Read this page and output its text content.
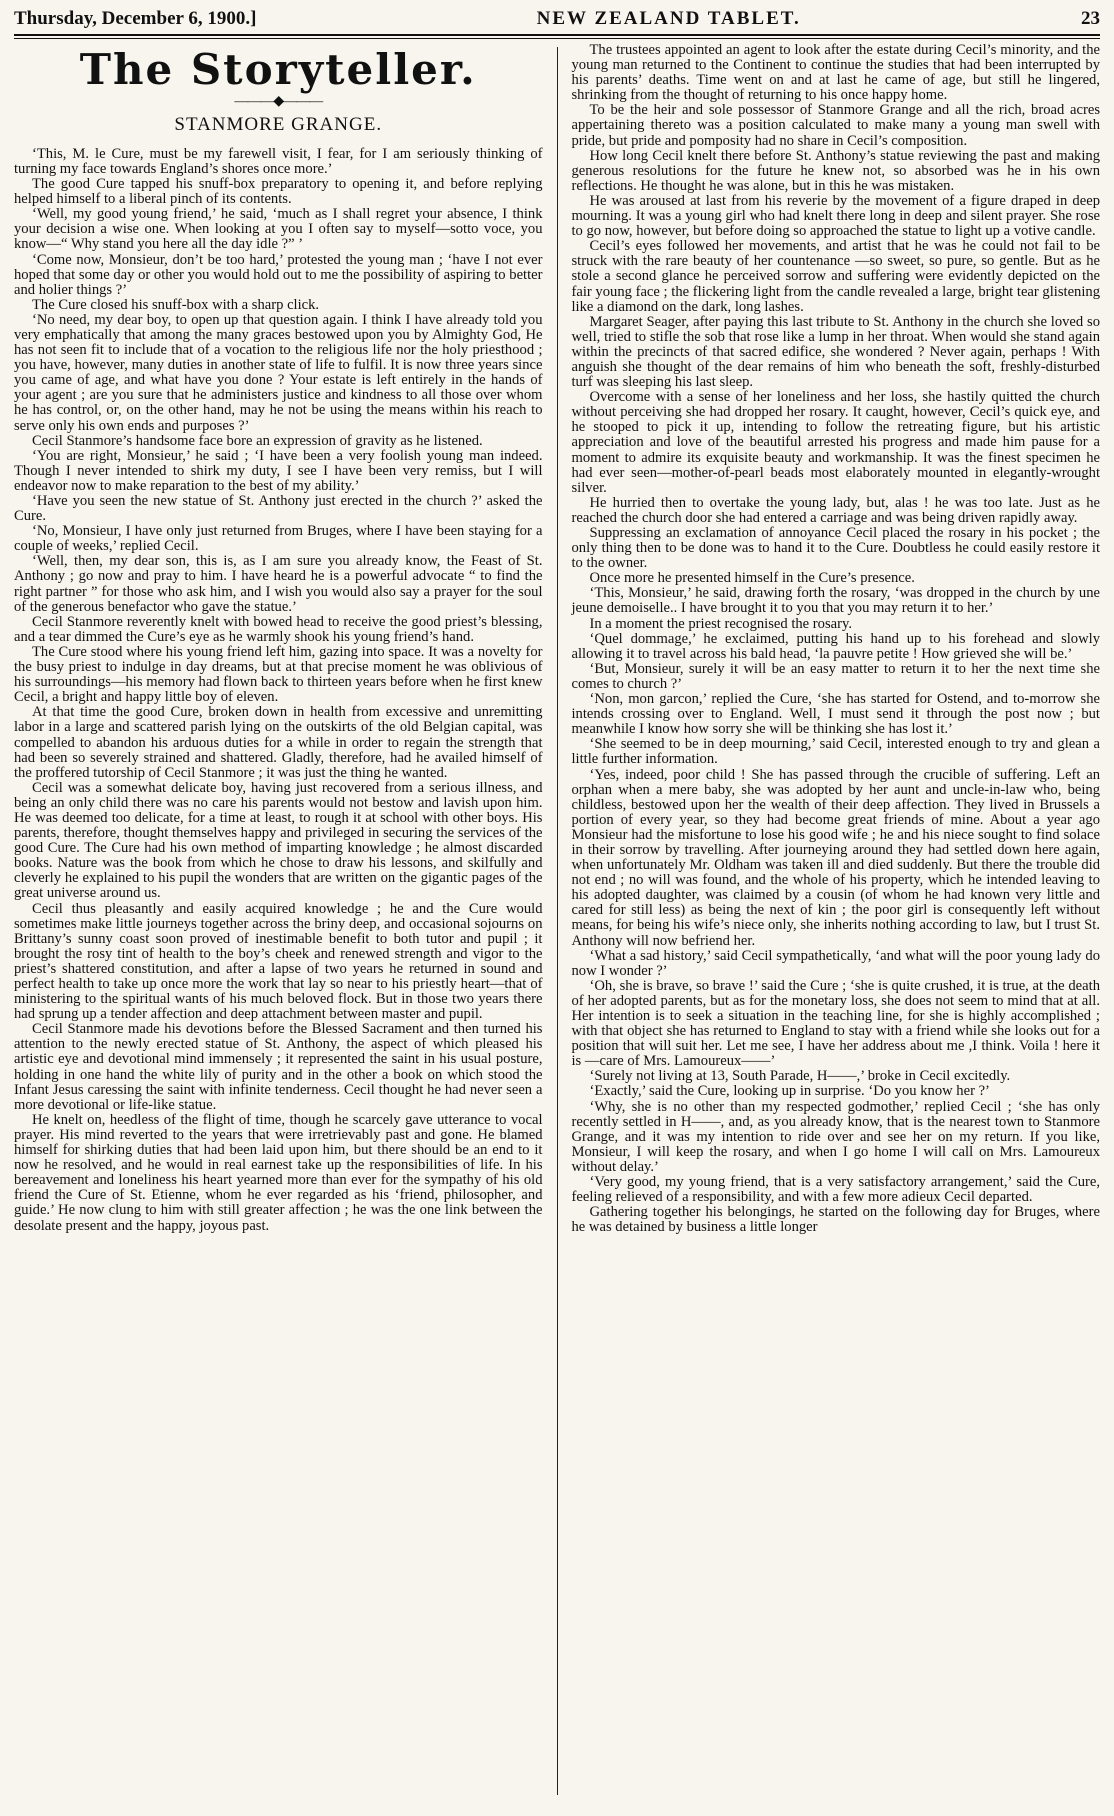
Thursday, December 6, 1900.]	NEW ZEALAND TABLET.	23
The Storyteller.
———◆———
STANMORE GRANGE.

‘This, M. le Cure, must be my farewell visit, I fear, for I am seriously thinking of turning my face towards England’s shores once more.’

The good Cure tapped his snuff-box preparatory to opening it, and before replying helped himself to a liberal pinch of its contents.

‘Well, my good young friend,’ he said, ‘much as I shall regret your absence, I think your decision a wise one. When looking at you I often say to myself—sotto voce, you know—“ Why stand you here all the day idle ?” ’

‘Come now, Monsieur, don’t be too hard,’ protested the young man ; ‘have I not ever hoped that some day or other you would hold out to me the possibility of aspiring to better and holier things ?’

The Cure closed his snuff-box with a sharp click.

‘No need, my dear boy, to open up that question again. I think I have already told you very emphatically that among the many graces bestowed upon you by Almighty God, He has not seen fit to include that of a vocation to the religious life nor the holy priesthood ; you have, however, many duties in another state of life to fulfil. It is now three years since you came of age, and what have you done ? Your estate is left entirely in the hands of your agent ; are you sure that he administers justice and kindness to all those over whom he has control, or, on the other hand, may he not be using the means within his reach to serve only his own ends and purposes ?’

Cecil Stanmore’s handsome face bore an expression of gravity as he listened.

‘You are right, Monsieur,’ he said ; ‘I have been a very foolish young man indeed. Though I never intended to shirk my duty, I see I have been very remiss, but I will endeavor now to make reparation to the best of my ability.’

‘Have you seen the new statue of St. Anthony just erected in the church ?’ asked the Cure.

‘No, Monsieur, I have only just returned from Bruges, where I have been staying for a couple of weeks,’ replied Cecil.

‘Well, then, my dear son, this is, as I am sure you already know, the Feast of St. Anthony ; go now and pray to him. I have heard he is a powerful advocate “ to find the right partner ” for those who ask him, and I wish you would also say a prayer for the soul of the generous benefactor who gave the statue.’

Cecil Stanmore reverently knelt with bowed head to receive the good priest’s blessing, and a tear dimmed the Cure’s eye as he warmly shook his young friend’s hand.

The Cure stood where his young friend left him, gazing into space. It was a novelty for the busy priest to indulge in day dreams, but at that precise moment he was oblivious of his surroundings—his memory had flown back to thirteen years before when he first knew Cecil, a bright and happy little boy of eleven.

At that time the good Cure, broken down in health from excessive and unremitting labor in a large and scattered parish lying on the outskirts of the old Belgian capital, was compelled to abandon his arduous duties for a while in order to regain the strength that had been so severely strained and shattered. Gladly, therefore, had he availed himself of the proffered tutorship of Cecil Stanmore ; it was just the thing he wanted.

Cecil was a somewhat delicate boy, having just recovered from a serious illness, and being an only child there was no care his parents would not bestow and lavish upon him. He was deemed too delicate, for a time at least, to rough it at school with other boys. His parents, therefore, thought themselves happy and privileged in securing the services of the good Cure. The Cure had his own method of imparting knowledge ; he almost discarded books. Nature was the book from which he chose to draw his lessons, and skilfully and cleverly he explained to his pupil the wonders that are written on the gigantic pages of the great universe around us.

Cecil thus pleasantly and easily acquired knowledge ; he and the Cure would sometimes make little journeys together across the briny deep, and occasional sojourns on Brittany’s sunny coast soon proved of inestimable benefit to both tutor and pupil ; it brought the rosy tint of health to the boy’s cheek and renewed strength and vigor to the priest’s shattered constitution, and after a lapse of two years he returned in sound and perfect health to take up once more the work that lay so near to his priestly heart—that of ministering to the spiritual wants of his much beloved flock. But in those two years there had sprung up a tender affection and deep attachment between master and pupil.

Cecil Stanmore made his devotions before the Blessed Sacrament and then turned his attention to the newly erected statue of St. Anthony, the aspect of which pleased his artistic eye and devotional mind immensely ; it represented the saint in his usual posture, holding in one hand the white lily of purity and in the other a book on which stood the Infant Jesus caressing the saint with infinite tenderness. Cecil thought he had never seen a more devotional or life-like statue.

He knelt on, heedless of the flight of time, though he scarcely gave utterance to vocal prayer. His mind reverted to the years that were irretrievably past and gone. He blamed himself for shirking duties that had been laid upon him, but there should be an end to it now he resolved, and he would in real earnest take up the responsibilities of life. In his bereavement and loneliness his heart yearned more than ever for the sympathy of his old friend the Cure of St. Etienne, whom he ever regarded as his ‘friend, philosopher, and guide.’ He now clung to him with still greater affection ; he was the one link between the desolate present and the happy, joyous past.

The trustees appointed an agent to look after the estate during Cecil’s minority, and the young man returned to the Continent to continue the studies that had been interrupted by his parents’ deaths. Time went on and at last he came of age, but still he lingered, shrinking from the thought of returning to his once happy home.

To be the heir and sole possessor of Stanmore Grange and all the rich, broad acres appertaining thereto was a position calculated to make many a young man swell with pride, but pride and pomposity had no share in Cecil’s composition.

How long Cecil knelt there before St. Anthony’s statue reviewing the past and making generous resolutions for the future he knew not, so absorbed was he in his own reflections. He thought he was alone, but in this he was mistaken.

He was aroused at last from his reverie by the movement of a figure draped in deep mourning. It was a young girl who had knelt there long in deep and silent prayer. She rose to go now, however, but before doing so approached the statue to light up a votive candle.

Cecil’s eyes followed her movements, and artist that he was he could not fail to be struck with the rare beauty of her countenance —so sweet, so pure, so gentle. But as he stole a second glance he perceived sorrow and suffering were evidently depicted on the fair young face ; the flickering light from the candle revealed a large, bright tear glistening like a diamond on the dark, long lashes.

Margaret Seager, after paying this last tribute to St. Anthony in the church she loved so well, tried to stifle the sob that rose like a lump in her throat. When would she stand again within the precincts of that sacred edifice, she wondered ? Never again, perhaps ! With anguish she thought of the dear remains of him who beneath the soft, freshly-disturbed turf was sleeping his last sleep.

Overcome with a sense of her loneliness and her loss, she hastily quitted the church without perceiving she had dropped her rosary. It caught, however, Cecil’s quick eye, and he stooped to pick it up, intending to follow the retreating figure, but his artistic appreciation and love of the beautiful arrested his progress and made him pause for a moment to admire its exquisite beauty and workmanship. It was the finest specimen he had ever seen—mother-of-pearl beads most elaborately mounted in elegantly-wrought silver.

He hurried then to overtake the young lady, but, alas ! he was too late. Just as he reached the church door she had entered a carriage and was being driven rapidly away.

Suppressing an exclamation of annoyance Cecil placed the rosary in his pocket ; the only thing then to be done was to hand it to the Cure. Doubtless he could easily restore it to the owner.

Once more he presented himself in the Cure’s presence.

‘This, Monsieur,’ he said, drawing forth the rosary, ‘was dropped in the church by une jeune demoiselle.. I have brought it to you that you may return it to her.’

In a moment the priest recognised the rosary.

‘Quel dommage,’ he exclaimed, putting his hand up to his forehead and slowly allowing it to travel across his bald head, ‘la pauvre petite ! How grieved she will be.’

‘But, Monsieur, surely it will be an easy matter to return it to her the next time she comes to church ?’

‘Non, mon garcon,’ replied the Cure, ‘she has started for Ostend, and to-morrow she intends crossing over to England. Well, I must send it through the post now ; but meanwhile I know how sorry she will be thinking she has lost it.’

‘She seemed to be in deep mourning,’ said Cecil, interested enough to try and glean a little further information.

‘Yes, indeed, poor child ! She has passed through the crucible of suffering. Left an orphan when a mere baby, she was adopted by her aunt and uncle-in-law who, being childless, bestowed upon her the wealth of their deep affection. They lived in Brussels a portion of every year, so they had become great friends of mine. About a year ago Monsieur had the misfortune to lose his good wife ; he and his niece sought to find solace in their sorrow by travelling. After journeying around they had settled down here again, when unfortunately Mr. Oldham was taken ill and died suddenly. But there the trouble did not end ; no will was found, and the whole of his property, which he intended leaving to his adopted daughter, was claimed by a cousin (of whom he had known very little and cared for still less) as being the next of kin ; the poor girl is consequently left without means, for being his wife’s niece only, she inherits nothing according to law, but I trust St. Anthony will now befriend her.

‘What a sad history,’ said Cecil sympathetically, ‘and what will the poor young lady do now I wonder ?’

‘Oh, she is brave, so brave !’ said the Cure ; ‘she is quite crushed, it is true, at the death of her adopted parents, but as for the monetary loss, she does not seem to mind that at all. Her intention is to seek a situation in the teaching line, for she is highly accomplished ; with that object she has returned to England to stay with a friend while she looks out for a position that will suit her. Let me see, I have her address about me ,I think. Voila ! here it is —care of Mrs. Lamoureux——’

‘Surely not living at 13, South Parade, H——,’ broke in Cecil excitedly.

‘Exactly,’ said the Cure, looking up in surprise. ‘Do you know her ?’

‘Why, she is no other than my respected godmother,’ replied Cecil ; ‘she has only recently settled in H——, and, as you already know, that is the nearest town to Stanmore Grange, and it was my intention to ride over and see her on my return. If you like, Monsieur, I will keep the rosary, and when I go home I will call on Mrs. Lamoureux without delay.’

‘Very good, my young friend, that is a very satisfactory arrangement,’ said the Cure, feeling relieved of a responsibility, and with a few more adieux Cecil departed.

Gathering together his belongings, he started on the following day for Bruges, where he was detained by business a little longer
